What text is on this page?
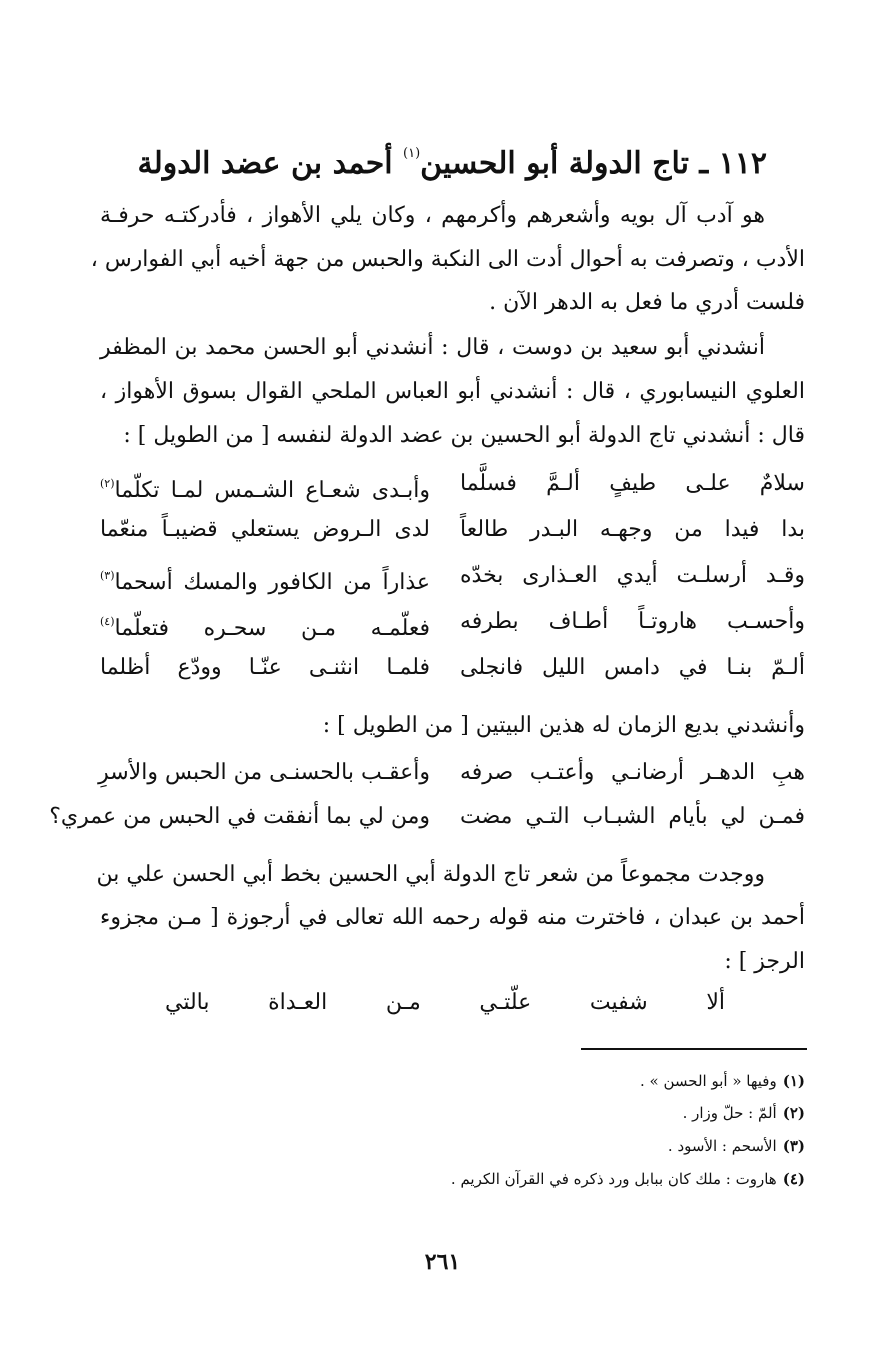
١١٢ ـ تاج الدولة أبو الحسين$^{(١)}$ أحمد بن عضد الدولة
هو آدب آل بويه وأشعرهم وأكرمهم ، وكان يلي الأهواز ، فأدركتـه حرفـة
الأدب ، وتصرفت به أحوال أدت الى النكبة والحبس من جهة أخيه أبي الفوارس ،
فلست أدري ما فعل به الدهر الآن .
أنشدني أبو سعيد بن دوست ، قال : أنشدني أبو الحسن محمد بن المظفر
العلوي النيسابوري ، قال : أنشدني أبو العباس الملحي القوال بسوق الأهواز ،
قال : أنشدني تاج الدولة أبو الحسين بن عضد الدولة لنفسه [ من الطويل ] :
سلامٌ علـى طيفٍ ألـمَّ فسلَّما
وأبـدى شعـاع الشـمس لمـا تكلّما$^{(٢)}$
بدا فيدا من وجهـه البـدر طالعاً
لدى الـروض يستعلي قضيبـاً منعّما
وقـد أرسلـت أيدي العـذارى بخدّه
عذاراً من الكافور والمسك أسحما$^{(٣)}$
وأحسـب هاروتـاً أطـاف بطرفه
فعلّمـه مـن سحـره فتعلّما$^{(٤)}$
ألـمّ بنـا في دامس الليل فانجلى
فلمـا انثنـى عنّـا وودّع أظلما
وأنشدني بديع الزمان له هذين البيتين [ من الطويل ] :
هبِ الدهـر أرضانـي وأعتـب صرفه
وأعقـب بالحسنـى من الحبس والأسرِ
فمـن لي بأيام الشبـاب التـي مضت
ومن لي بما أنفقت في الحبس من عمري؟
ووجدت مجموعاً من شعر تاج الدولة أبي الحسين بخط أبي الحسن علي بن
أحمد بن عبدان ، فاخترت منه قوله رحمه الله تعالى في أرجوزة [ مـن مجزوء
الرجز ] :
ألا شفيت علّتـي مـن العـداة بالتي
(١)وفيها « أبو الحسن » .
(٢)ألمّ : حلّ وزار .
(٣)الأسحم : الأسود .
(٤)هاروت : ملك كان ببابل ورد ذكره في القرآن الكريم .
٢٦١
